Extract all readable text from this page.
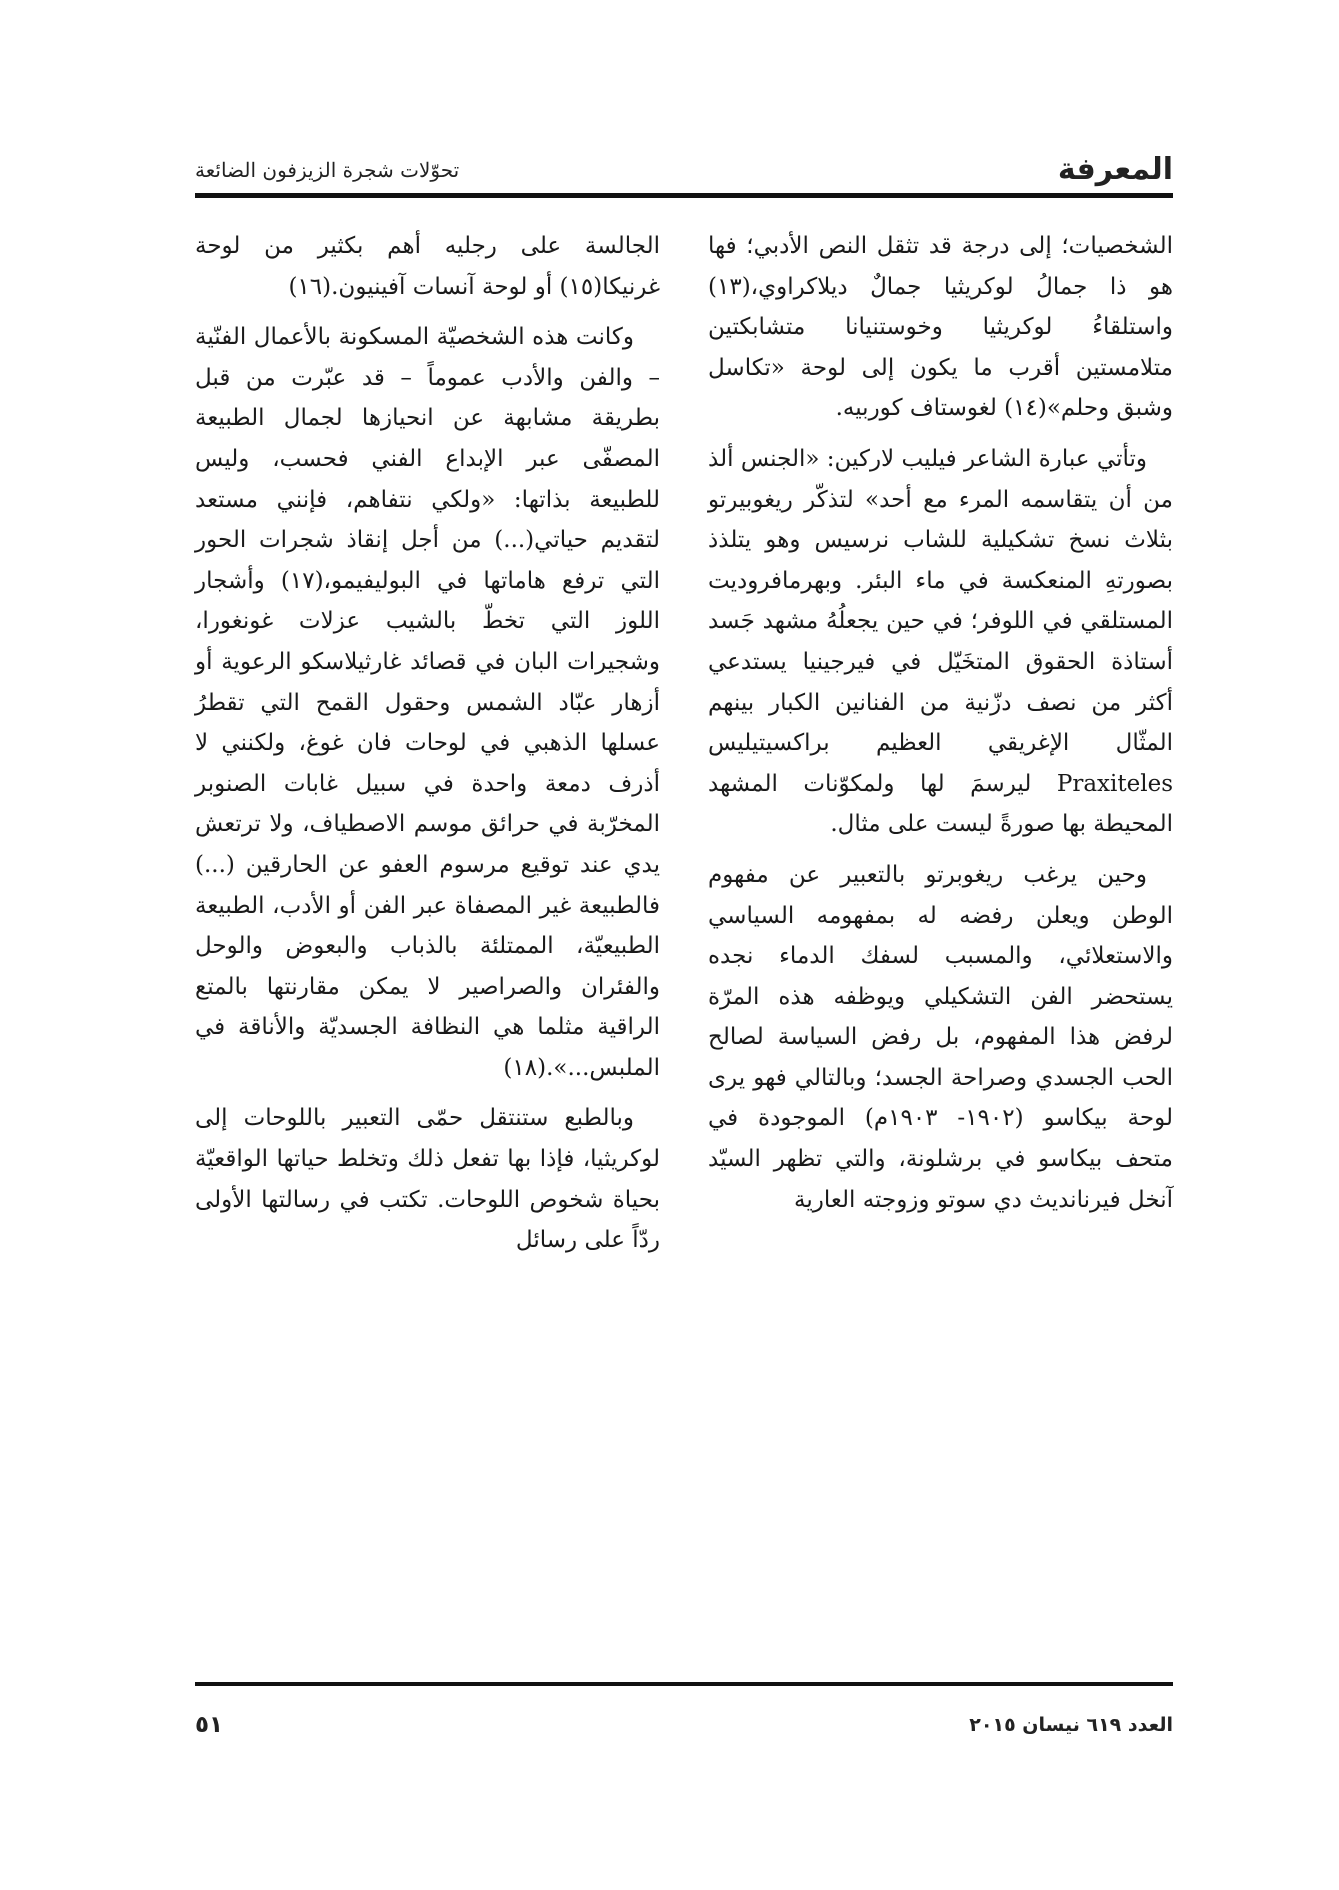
المعرفة
تحوّلات شجرة الزيزفون الضائعة

الشخصيات؛ إلى درجة قد تثقل النص الأدبي؛ فها هو ذا جمالُ لوكريثيا جمالٌ ديلاكراوي،(١٣) واستلقاءُ لوكريثيا وخوستنيانا متشابكتين متلامستين أقرب ما يكون إلى لوحة «تكاسل وشبق وحلم»(١٤) لغوستاف كوربيه.

وتأتي عبارة الشاعر فيليب لاركين: «الجنس ألذ من أن يتقاسمه المرء مع أحد» لتذكّر ريغوبيرتو بثلاث نسخ تشكيلية للشاب نرسيس وهو يتلذذ بصورتهِ المنعكسة في ماء البئر. وبهرمافروديت المستلقي في اللوفر؛ في حين يجعلُهُ مشهد جَسد أستاذة الحقوق المتخَيّل في فيرجينيا يستدعي أكثر من نصف دزّنية من الفنانين الكبار بينهم المثّال الإغريقي العظيم براكسيتيليس Praxiteles ليرسمَ لها ولمكوّنات المشهد المحيطة بها صورةً ليست على مثال.

وحين يرغب ريغوبرتو بالتعبير عن مفهوم الوطن ويعلن رفضه له بمفهومه السياسي والاستعلائي، والمسبب لسفك الدماء نجده يستحضر الفن التشكيلي ويوظفه هذه المرّة لرفض هذا المفهوم، بل رفض السياسة لصالح الحب الجسدي وصراحة الجسد؛ وبالتالي فهو يرى لوحة بيكاسو (١٩٠٢- ١٩٠٣م) الموجودة في متحف بيكاسو في برشلونة، والتي تظهر السيّد آنخل فيرنانديث دي سوتو وزوجته العارية

الجالسة على رجليه أهم بكثير من لوحة غرنيكا(١٥) أو لوحة آنسات آفينيون.(١٦)

وكانت هذه الشخصيّة المسكونة بالأعمال الفنّية – والفن والأدب عموماً – قد عبّرت من قبل بطريقة مشابهة عن انحيازها لجمال الطبيعة المصفّى عبر الإبداع الفني فحسب، وليس للطبيعة بذاتها: «ولكي نتفاهم، فإنني مستعد لتقديم حياتي(...) من أجل إنقاذ شجرات الحور التي ترفع هاماتها في البوليفيمو،(١٧) وأشجار اللوز التي تخطّ بالشيب عزلات غونغورا، وشجيرات البان في قصائد غارثيلاسكو الرعوية أو أزهار عبّاد الشمس وحقول القمح التي تقطرُ عسلها الذهبي في لوحات فان غوغ، ولكنني لا أذرف دمعة واحدة في سبيل غابات الصنوبر المخرّبة في حرائق موسم الاصطياف، ولا ترتعش يدي عند توقيع مرسوم العفو عن الحارقين (...) فالطبيعة غير المصفاة عبر الفن أو الأدب، الطبيعة الطبيعيّة، الممتلئة بالذباب والبعوض والوحل والفئران والصراصير لا يمكن مقارنتها بالمتع الراقية مثلما هي النظافة الجسديّة والأناقة في الملبس...».(١٨)

وبالطبع ستنتقل حمّى التعبير باللوحات إلى لوكريثيا، فإذا بها تفعل ذلك وتخلط حياتها الواقعيّة بحياة شخوص اللوحات. تكتب في رسالتها الأولى ردّاً على رسائل

العدد ٦١٩ نيسان ٢٠١٥
٥١
